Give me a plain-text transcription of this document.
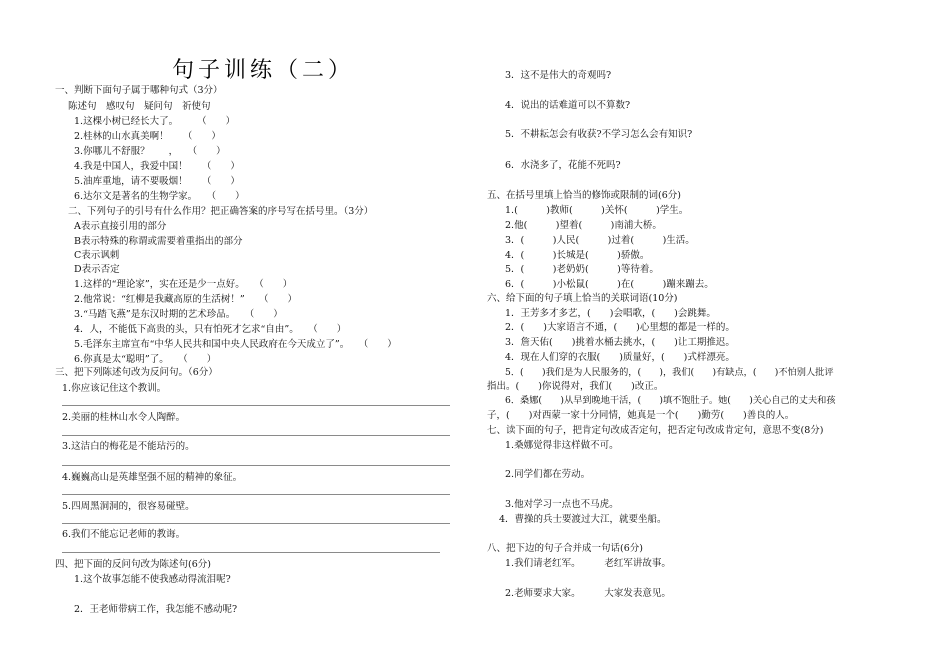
句子训练（二）
一、判断下面句子属于哪种句式（3分）
陈述句　感叹句　疑问句　祈使句
1.这棵小树已经长大了。　　　（　　）
2.桂林的山水真美啊！　　（　　）
3.你哪儿不舒服？　　，　　（　　）
4.我是中国人，我爱中国！　　（　　）
5.油库重地，请不要吸烟！　　（　　）
6.达尔文是著名的生物学家。　　（　　）
二、下列句子的引号有什么作用？把正确答案的序号写在括号里。（3分）
A表示直接引用的部分
B表示特殊的称谓或需要着重指出的部分
C表示讽刺
D表示否定
1.这样的“理论家”，实在还是少一点好。　　（　　）
2.他常说：“红柳是我藏高原的生活树！”　　（　　）
3.“马踏飞燕”是东汉时期的艺术珍品。　　（　　）
4．人，不能低下高贵的头，只有怕死才乞求“自由”。　　（　　）
5.毛泽东主席宣布“中华人民共和国中央人民政府在今天成立了”。　　（　　）
6.你真是太“聪明”了。　　（　　）
三、把下列陈述句改为反问句。（6分）
1.你应该记住这个教训。
2.美丽的桂林山水令人陶醉。
3.这洁白的梅花是不能玷污的。
4.巍巍高山是英雄坚强不屈的精神的象征。
5.四周黑洞洞的，很容易碰壁。
6.我们不能忘记老师的教诲。
四、把下面的反问句改为陈述句(6分)
1.这个故事怎能不使我感动得流泪呢?
2．王老师带病工作，我怎能不感动呢?
3．这不是伟大的奇观吗?
4．说出的话难道可以不算数?
5．不耕耘怎会有收获?不学习怎么会有知识?
6．水浇多了，花能不死吗?
五、在括号里填上恰当的修饰或限制的词(6分)
1.(　　　)教师(　　　)关怀(　　　)学生。
2.他(　　　)望着(　　　)南浦大桥。
3．(　　　)人民(　　　)过着(　　　)生活。
4．(　　　)长城是(　　　)骄傲。
5．(　　　)老奶奶(　　　)等待着。
6．(　　　)小松鼠(　　　)在(　　　)蹦来蹦去。
六、给下面的句子填上恰当的关联词语(10分)
1．王芳多才多艺，(　　)会唱歌，(　　)会跳舞。
2．(　　)大家语言不通，(　　)心里想的都是一样的。
3．詹天佑(　　)挑着水桶去挑水，(　　)让工期推迟。
4．现在人们穿的衣服(　　)质量好，(　　)式样漂亮。
5．(　　)我们是为人民服务的，(　　)，我们(　　)有缺点，(　　)不怕别人批评
指出。(　　)你说得对，我们(　　)改正。
6．桑娜(　　)从早到晚地干活，(　　)填不饱肚子。她(　　)关心自己的丈夫和孩
子，(　　)对西蒙一家十分同情，她真是一个(　　)勤劳(　　)善良的人。
七、读下面的句子，把肯定句改成否定句，把否定句改成肯定句，意思不变(8分)
1.桑娜觉得非这样做不可。
2.同学们都在劳动。
3.他对学习一点也不马虎。
4．曹操的兵士要渡过大江，就要坐船。
八、把下边的句子合并成一句话(6分)
1.我们请老红军。　　　老红军讲故事。
2.老师要求大家。　　　大家发表意见。
